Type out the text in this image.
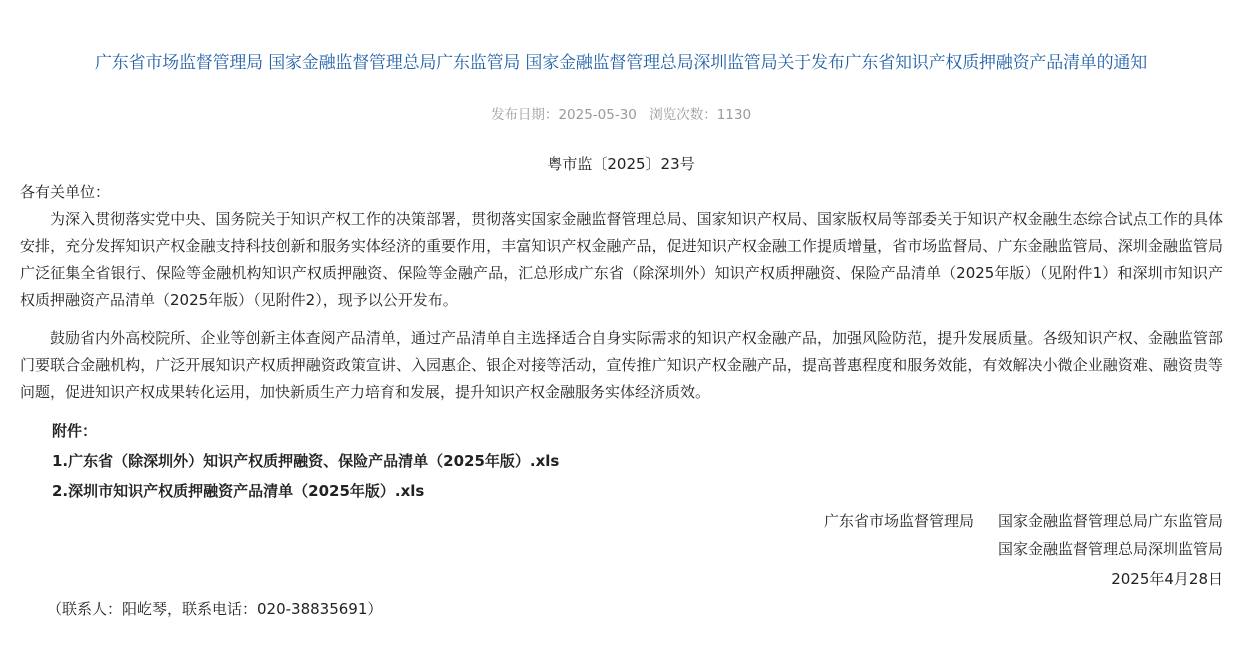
广东省市场监督管理局 国家金融监督管理总局广东监管局 国家金融监督管理总局深圳监管局关于发布广东省知识产权质押融资产品清单的通知
发布日期：2025-05-30 浏览次数：1130
粤市监〔2025〕23号
各有关单位：

为深入贯彻落实党中央、国务院关于知识产权工作的决策部署，贯彻落实国家金融监督管理总局、国家知识产权局、国家版权局等部委关于知识产权金融生态综合试点工作的具体安排，充分发挥知识产权金融支持科技创新和服务实体经济的重要作用，丰富知识产权金融产品，促进知识产权金融工作提质增量，省市场监督局、广东金融监管局、深圳金融监管局广泛征集全省银行、保险等金融机构知识产权质押融资、保险等金融产品，汇总形成广东省（除深圳外）知识产权质押融资、保险产品清单（2025年版）（见附件1）和深圳市知识产权质押融资产品清单（2025年版）（见附件2），现予以公开发布。

鼓励省内外高校院所、企业等创新主体查阅产品清单，通过产品清单自主选择适合自身实际需求的知识产权金融产品，加强风险防范，提升发展质量。各级知识产权、金融监管部门要联合金融机构，广泛开展知识产权质押融资政策宣讲、入园惠企、银企对接等活动，宣传推广知识产权金融产品，提高普惠程度和服务效能，有效解决小微企业融资难、融资贵等问题，促进知识产权成果转化运用，加快新质生产力培育和发展，提升知识产权金融服务实体经济质效。

附件：
1.广东省（除深圳外）知识产权质押融资、保险产品清单（2025年版）.xls
2.深圳市知识产权质押融资产品清单（2025年版）.xls
广东省市场监督管理局 国家金融监督管理总局广东监管局
国家金融监督管理总局深圳监管局
2025年4月28日
（联系人：阳屹琴，联系电话：020-38835691）
